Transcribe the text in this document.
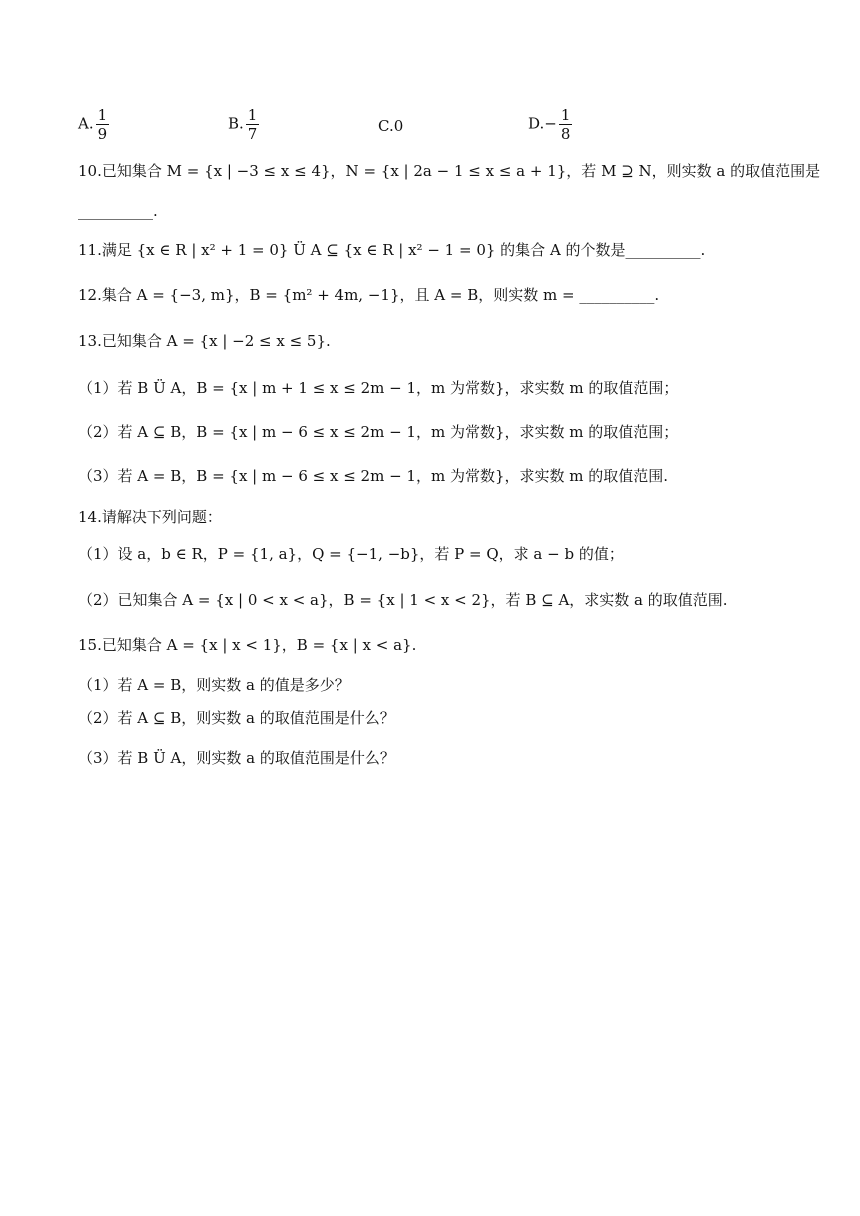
A. $\frac{1}{9}$	B. $\frac{1}{7}$	C.0	$D.- \frac{1}{8}$
10.已知集合 M = {x | −3 ≤ x ≤ 4}，N = {x | 2a − 1 ≤ x ≤ a + 1}，若 M ⊇ N，则实数 a 的取值范围是
__________.
11.满足 {x ∈ R | x² + 1 = 0} Ü A ⊆ {x ∈ R | x² − 1 = 0} 的集合 A 的个数是__________.
12.集合 A = {−3, m}，B = {m² + 4m, −1}，且 A = B，则实数 m = __________.
13.已知集合 A = {x | −2 ≤ x ≤ 5}.
（1）若 B Ü A，B = {x | m + 1 ≤ x ≤ 2m − 1，m 为常数}，求实数 m 的取值范围；
（2）若 A ⊆ B，B = {x | m − 6 ≤ x ≤ 2m − 1，m 为常数}，求实数 m 的取值范围；
（3）若 A = B，B = {x | m − 6 ≤ x ≤ 2m − 1，m 为常数}，求实数 m 的取值范围.
14.请解决下列问题：
（1）设 a，b ∈ R，P = {1, a}，Q = {−1, −b}，若 P = Q，求 a − b 的值；
（2）已知集合 A = {x | 0 < x < a}，B = {x | 1 < x < 2}，若 B ⊆ A，求实数 a 的取值范围.
15.已知集合 A = {x | x < 1}，B = {x | x < a}.
（1）若 A = B，则实数 a 的值是多少？
（2）若 A ⊆ B，则实数 a 的取值范围是什么？
（3）若 B Ü A，则实数 a 的取值范围是什么？
